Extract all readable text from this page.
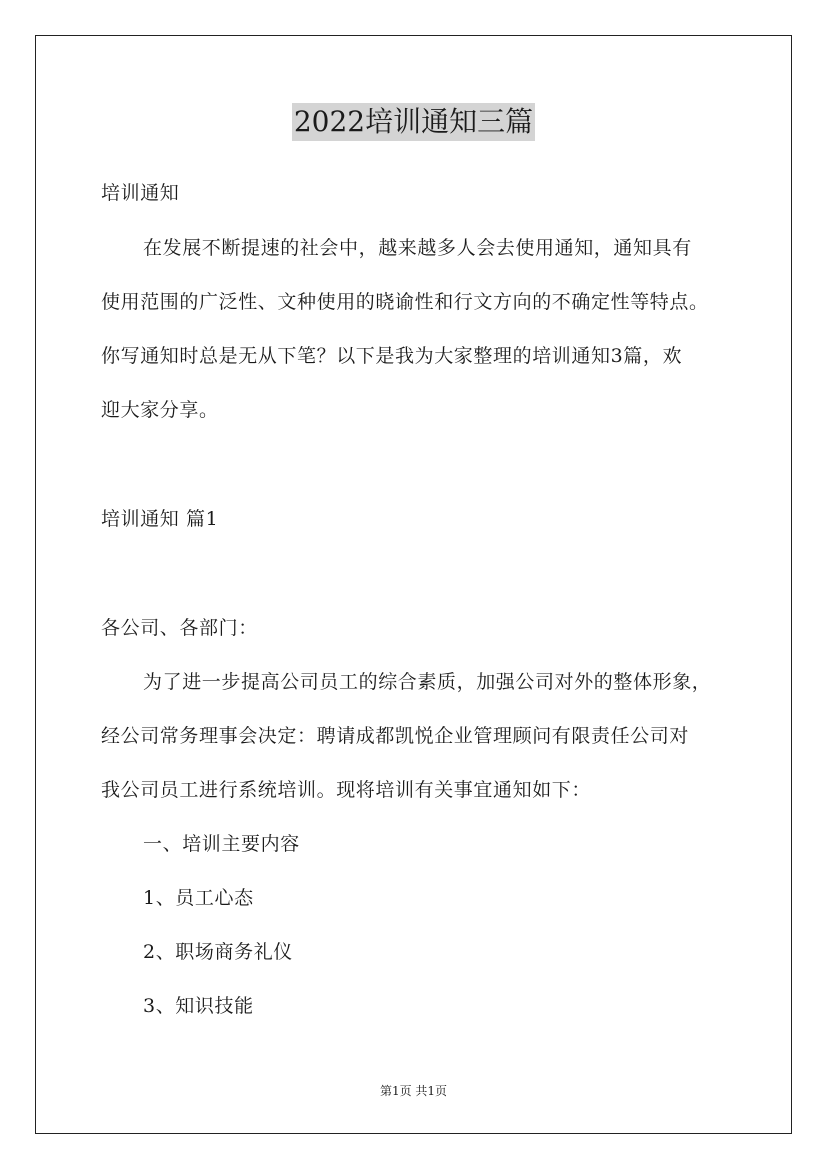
2022培训通知三篇
培训通知
在发展不断提速的社会中，越来越多人会去使用通知，通知具有
使用范围的广泛性、文种使用的晓谕性和行文方向的不确定性等特点。
你写通知时总是无从下笔？以下是我为大家整理的培训通知3篇，欢
迎大家分享。
培训通知 篇1
各公司、各部门：
为了进一步提高公司员工的综合素质，加强公司对外的整体形象，
经公司常务理事会决定：聘请成都凯悦企业管理顾问有限责任公司对
我公司员工进行系统培训。现将培训有关事宜通知如下：
一、培训主要内容
1、员工心态
2、职场商务礼仪
3、知识技能
第1页 共1页
